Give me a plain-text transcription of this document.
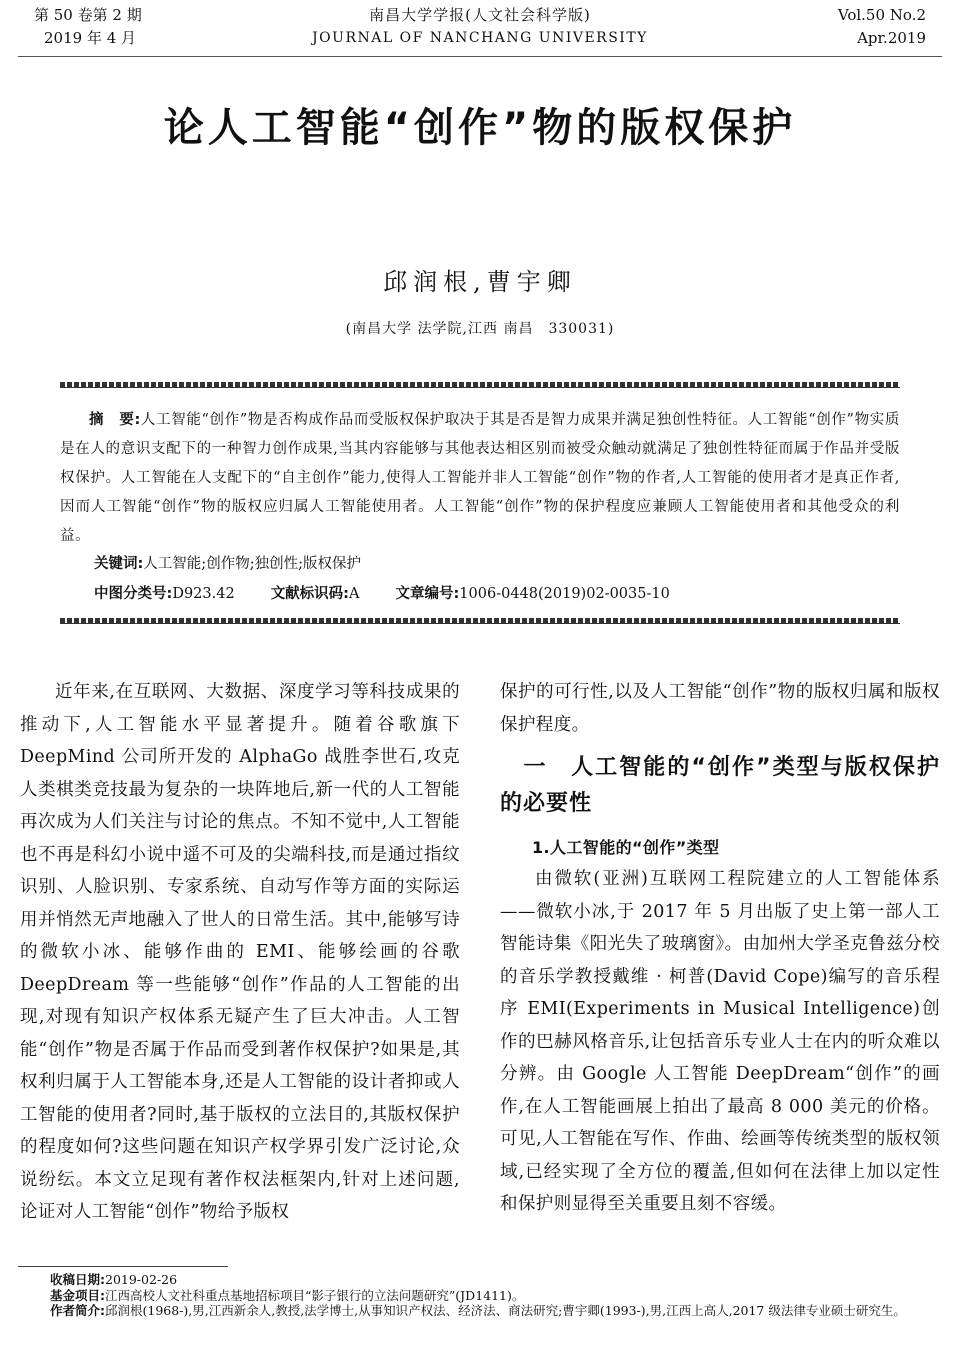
第 50 卷第 2 期
2019 年 4 月
南昌大学学报(人文社会科学版)
JOURNAL OF NANCHANG UNIVERSITY
Vol.50 No.2
Apr.2019
论人工智能“创作”物的版权保护
邱润根,曹宇卿
(南昌大学 法学院,江西 南昌　330031)
摘　要:人工智能“创作”物是否构成作品而受版权保护取决于其是否是智力成果并满足独创性特征。人工智能“创作”物实质是在人的意识支配下的一种智力创作成果,当其内容能够与其他表达相区别而被受众触动就满足了独创性特征而属于作品并受版权保护。人工智能在人支配下的“自主创作”能力,使得人工智能并非人工智能“创作”物的作者,人工智能的使用者才是真正作者,因而人工智能“创作”物的版权应归属人工智能使用者。人工智能“创作”物的保护程度应兼顾人工智能使用者和其他受众的利益。
关键词:人工智能;创作物;独创性;版权保护
中图分类号:D923.42 文献标识码:A 文章编号:1006-0448(2019)02-0035-10

近年来,在互联网、大数据、深度学习等科技成果的推动下,人工智能水平显著提升。随着谷歌旗下 DeepMind 公司所开发的 AlphaGo 战胜李世石,攻克人类棋类竞技最为复杂的一块阵地后,新一代的人工智能再次成为人们关注与讨论的焦点。不知不觉中,人工智能也不再是科幻小说中遥不可及的尖端科技,而是通过指纹识别、人脸识别、专家系统、自动写作等方面的实际运用并悄然无声地融入了世人的日常生活。其中,能够写诗的微软小冰、能够作曲的 EMI、能够绘画的谷歌 DeepDream 等一些能够“创作”作品的人工智能的出现,对现有知识产权体系无疑产生了巨大冲击。人工智能“创作”物是否属于作品而受到著作权保护?如果是,其权利归属于人工智能本身,还是人工智能的设计者抑或人工智能的使用者?同时,基于版权的立法目的,其版权保护的程度如何?这些问题在知识产权学界引发广泛讨论,众说纷纭。本文立足现有著作权法框架内,针对上述问题,论证对人工智能“创作”物给予版权

保护的可行性,以及人工智能“创作”物的版权归属和版权保护程度。

一 人工智能的“创作”类型与版权保护的必要性

1.人工智能的“创作”类型

由微软(亚洲)互联网工程院建立的人工智能体系——微软小冰,于 2017 年 5 月出版了史上第一部人工智能诗集《阳光失了玻璃窗》。由加州大学圣克鲁兹分校的音乐学教授戴维 · 柯普(David Cope)编写的音乐程序 EMI(Experiments in Musical Intelligence)创作的巴赫风格音乐,让包括音乐专业人士在内的听众难以分辨。由 Google 人工智能 DeepDream“创作”的画作,在人工智能画展上拍出了最高 8 000 美元的价格。可见,人工智能在写作、作曲、绘画等传统类型的版权领域,已经实现了全方位的覆盖,但如何在法律上加以定性和保护则显得至关重要且刻不容缓。

收稿日期: 2019-02-26
基金项目: 江西高校人文社科重点基地招标项目“影子银行的立法问题研究”(JD1411)。
作者简介: 邱润根(1968-),男,江西新余人,教授,法学博士,从事知识产权法、经济法、商法研究;曹宇卿(1993-),男,江西上高人,2017 级法律专业硕士研究生。
